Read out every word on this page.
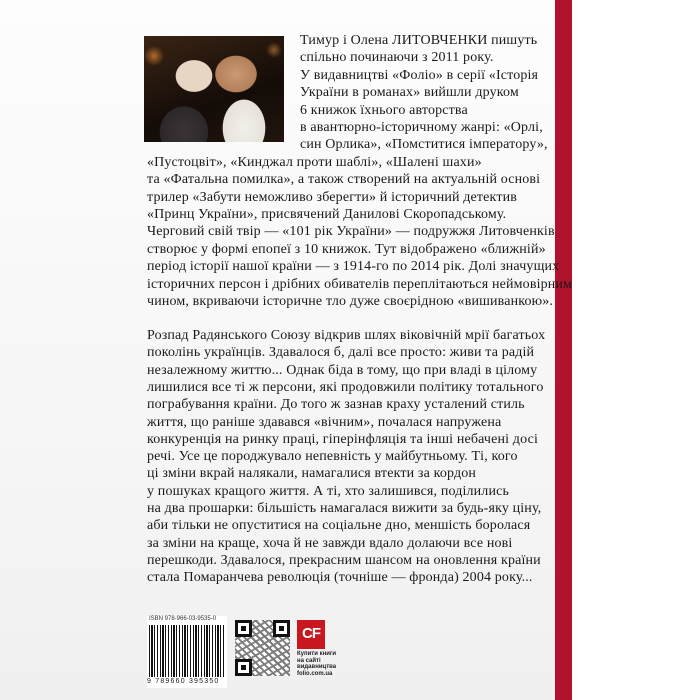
Тимур і Олена ЛИТОВЧЕНКИ пишуть
спільно починаючи з 2011 року.
У видавництві «Фоліо» в серії «Історія
України в романах» вийшли друком
6 книжок їхнього авторства
в авантюрно-історичному жанрі: «Орлі,
син Орлика», «Помститися імператору»,
«Пустоцвіт», «Кинджал проти шаблі», «Шалені шахи»
та «Фатальна помилка», а також створений на актуальній основі
трилер «Забути неможливо зберегти» й історичний детектив
«Принц України», присвячений Данилові Скоропадському.
Черговий свій твір — «101 рік України» — подружжя Литовченків
створює у формі епопеї з 10 книжок. Тут відображено «ближній»
період історії нашої країни — з 1914-го по 2014 рік. Долі значущих
історичних персон і дрібних обивателів переплітаються неймовірним
чином, вкриваючи історичне тло дуже своєрідною «вишиванкою».
Розпад Радянського Союзу відкрив шлях віковічній мрії багатьох
поколінь українців. Здавалося б, далі все просто: живи та радій
незалежному життю... Однак біда в тому, що при владі в цілому
лишилися все ті ж персони, які продовжили політику тотального
пограбування країни. До того ж зазнав краху усталений стиль
життя, що раніше здавався «вічним», почалася напружена
конкуренція на ринку праці, гіперінфляція та інші небачені досі
речі. Усе це породжувало непевність у майбутньому. Ті, кого
ці зміни вкрай налякали, намагалися втекти за кордон
у пошуках кращого життя. А ті, хто залишився, поділились
на два прошарки: більшість намагалася вижити за будь-яку ціну,
аби тільки не опуститися на соціальне дно, меншість боролася
за зміни на краще, хоча й не завжди вдало долаючи все нові
перешкоди. Здавалося, прекрасним шансом на оновлення країни
стала Помаранчева революція (точніше — фронда) 2004 року...
ISBN 978-966-03-9535-0
9 789660 395350
CF
Купити книги
на сайті
видавництва
folio.com.ua
